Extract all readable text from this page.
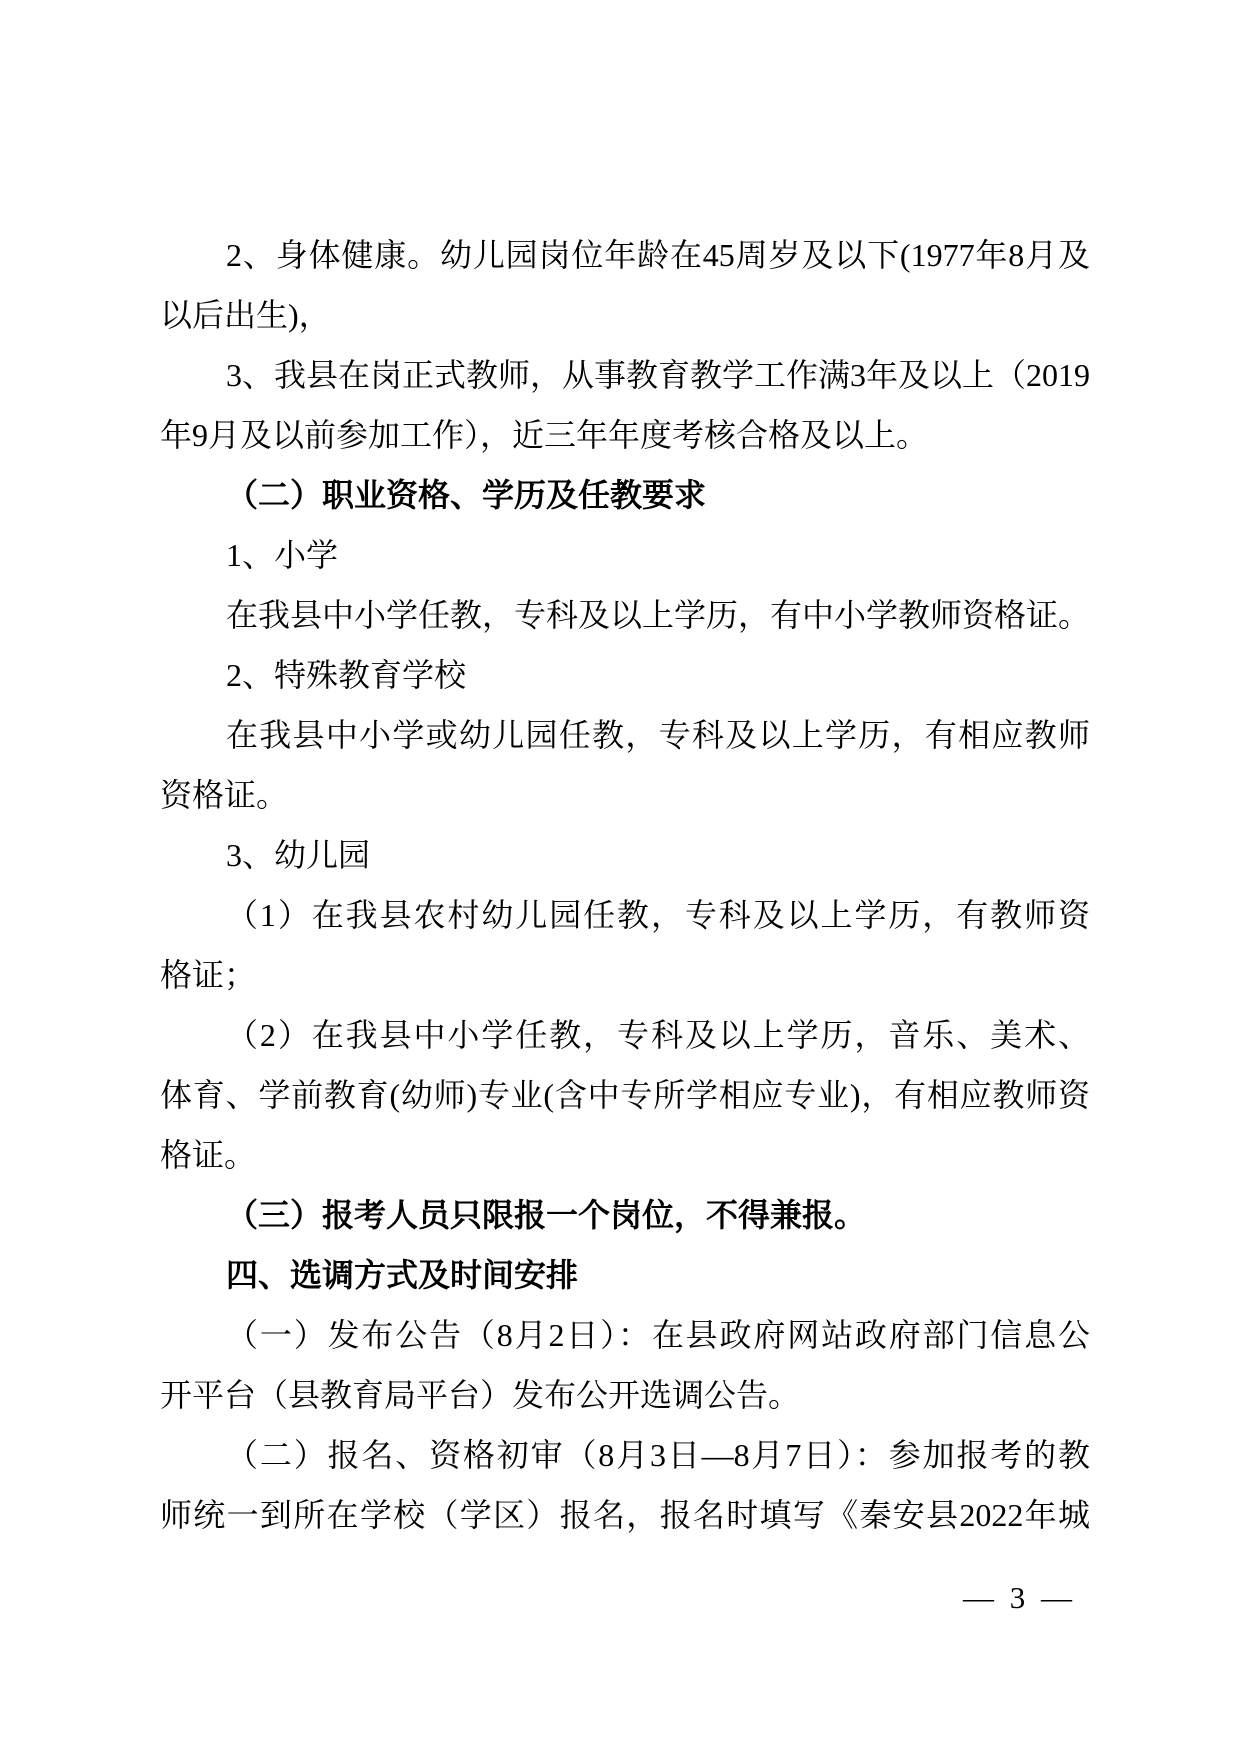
2、身体健康。幼儿园岗位年龄在45周岁及以下(1977年8月及
以后出生)，
3、我县在岗正式教师，从事教育教学工作满3年及以上（2019
年9月及以前参加工作），近三年年度考核合格及以上。
（二）职业资格、学历及任教要求
1、小学
在我县中小学任教，专科及以上学历，有中小学教师资格证。
2、特殊教育学校
在我县中小学或幼儿园任教，专科及以上学历，有相应教师
资格证。
3、幼儿园
（1）在我县农村幼儿园任教，专科及以上学历，有教师资
格证；
（2）在我县中小学任教，专科及以上学历，音乐、美术、
体育、学前教育(幼师)专业(含中专所学相应专业)，有相应教师资
格证。
（三）报考人员只限报一个岗位，不得兼报。
四、选调方式及时间安排
（一）发布公告（8月2日）：在县政府网站政府部门信息公
开平台（县教育局平台）发布公开选调公告。
（二）报名、资格初审（8月3日—8月7日）：参加报考的教
师统一到所在学校（学区）报名，报名时填写《秦安县2022年城
— 3 —
